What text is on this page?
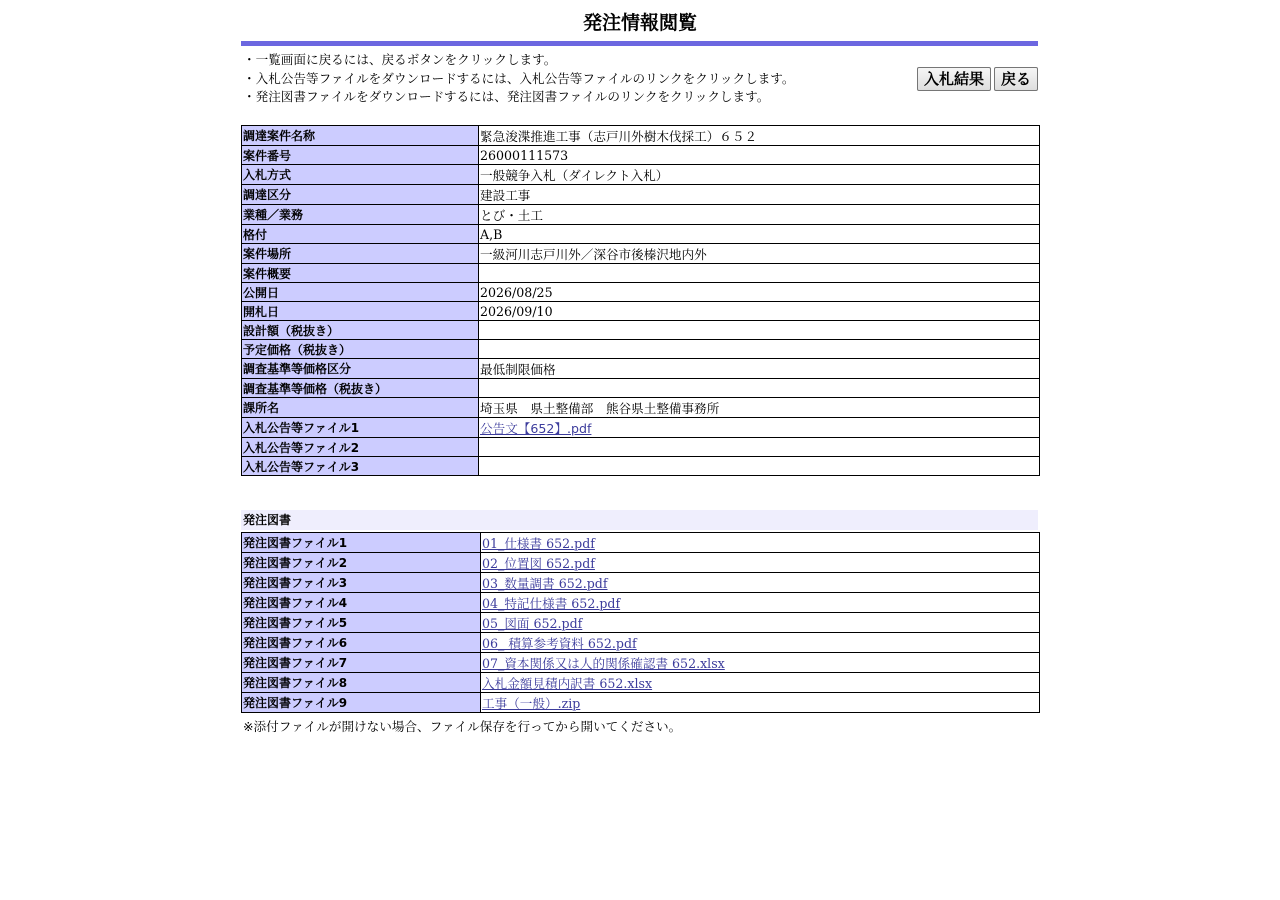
発注情報閲覧
・一覧画面に戻るには、戻るボタンをクリックします。
・入札公告等ファイルをダウンロードするには、入札公告等ファイルのリンクをクリックします。
・発注図書ファイルをダウンロードするには、発注図書ファイルのリンクをクリックします。
入札結果	戻る
調達案件名称	緊急浚渫推進工事（志戸川外樹木伐採工）６５２
案件番号	26000111573
入札方式	一般競争入札（ダイレクト入札）
調達区分	建設工事
業種／業務	とび・土工
格付	A,B
案件場所	一級河川志戸川外／深谷市後榛沢地内外
案件概要	
公開日	2026/08/25
開札日	2026/09/10
設計額（税抜き）	
予定価格（税抜き）	
調査基準等価格区分	最低制限価格
調査基準等価格（税抜き）	
課所名	埼玉県　県土整備部　熊谷県土整備事務所
入札公告等ファイル1	公告文【652】.pdf
入札公告等ファイル2	
入札公告等ファイル3	
発注図書
発注図書ファイル1	01_仕様書 652.pdf
発注図書ファイル2	02_位置図 652.pdf
発注図書ファイル3	03_数量調書 652.pdf
発注図書ファイル4	04_特記仕様書 652.pdf
発注図書ファイル5	05_図面 652.pdf
発注図書ファイル6	06_ 積算参考資料 652.pdf
発注図書ファイル7	07_資本関係又は人的関係確認書 652.xlsx
発注図書ファイル8	入札金額見積内訳書 652.xlsx
発注図書ファイル9	工事（一般）.zip
※添付ファイルが開けない場合、ファイル保存を行ってから開いてください。
